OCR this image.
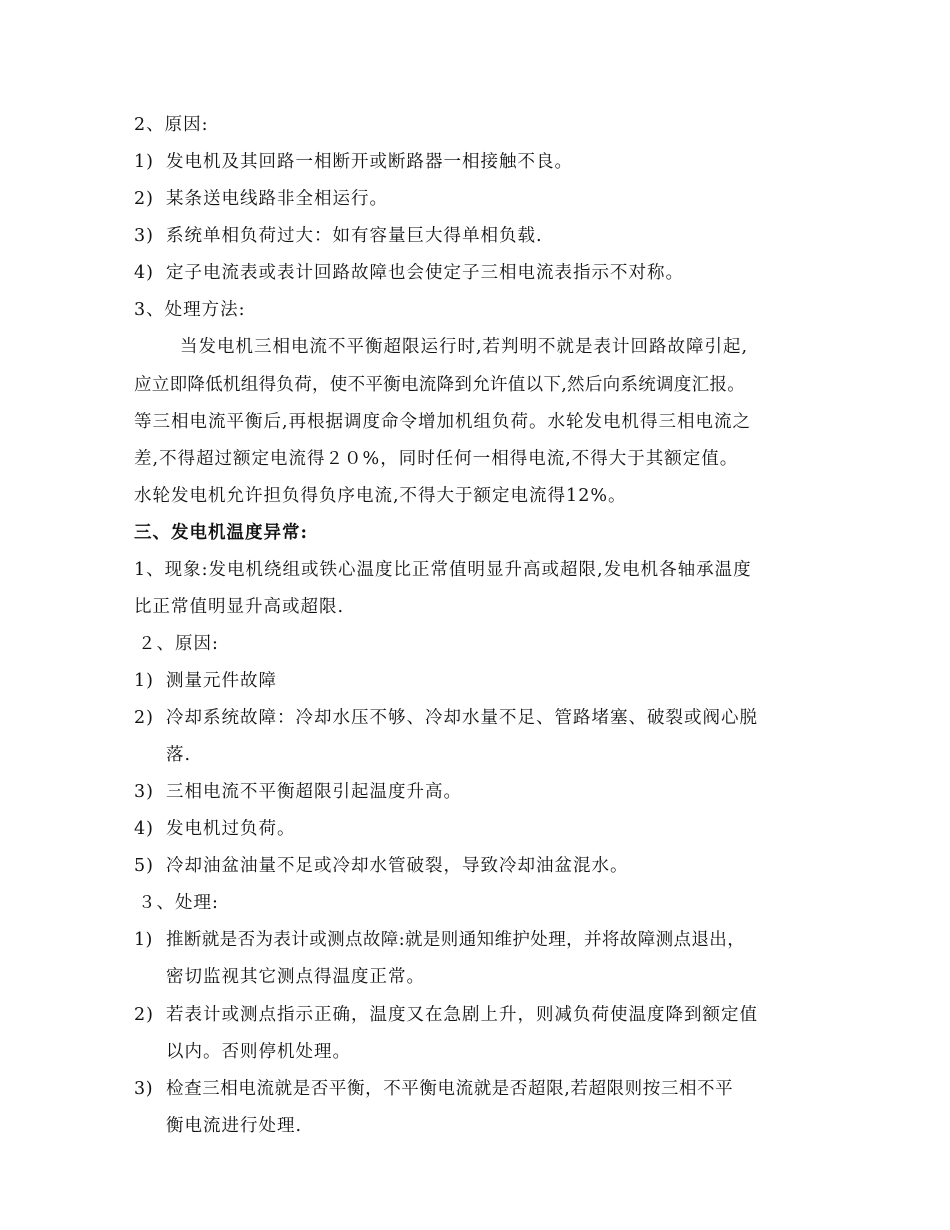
2、原因:
1) 发电机及其回路一相断开或断路器一相接触不良。
2) 某条送电线路非全相运行。
3) 系统单相负荷过大：如有容量巨大得单相负载.
4) 定子电流表或表计回路故障也会使定子三相电流表指示不对称。
3、处理方法:
当发电机三相电流不平衡超限运行时,若判明不就是表计回路故障引起,
应立即降低机组得负荷，使不平衡电流降到允许值以下,然后向系统调度汇报。
等三相电流平衡后,再根据调度命令增加机组负荷。水轮发电机得三相电流之
差,不得超过额定电流得２０%，同时任何一相得电流,不得大于其额定值。
水轮发电机允许担负得负序电流,不得大于额定电流得12%。
三、发电机温度异常:
1、现象:发电机绕组或铁心温度比正常值明显升高或超限,发电机各轴承温度
比正常值明显升高或超限.
２、原因:
1) 测量元件故障
2) 冷却系统故障：冷却水压不够、冷却水量不足、管路堵塞、破裂或阀心脱
落.
3) 三相电流不平衡超限引起温度升高。
4) 发电机过负荷。
5) 冷却油盆油量不足或冷却水管破裂，导致冷却油盆混水。
３、处理:
1) 推断就是否为表计或测点故障:就是则通知维护处理，并将故障测点退出，
密切监视其它测点得温度正常。
2) 若表计或测点指示正确，温度又在急剧上升，则减负荷使温度降到额定值
以内。否则停机处理。
3) 检查三相电流就是否平衡，不平衡电流就是否超限,若超限则按三相不平
衡电流进行处理.
